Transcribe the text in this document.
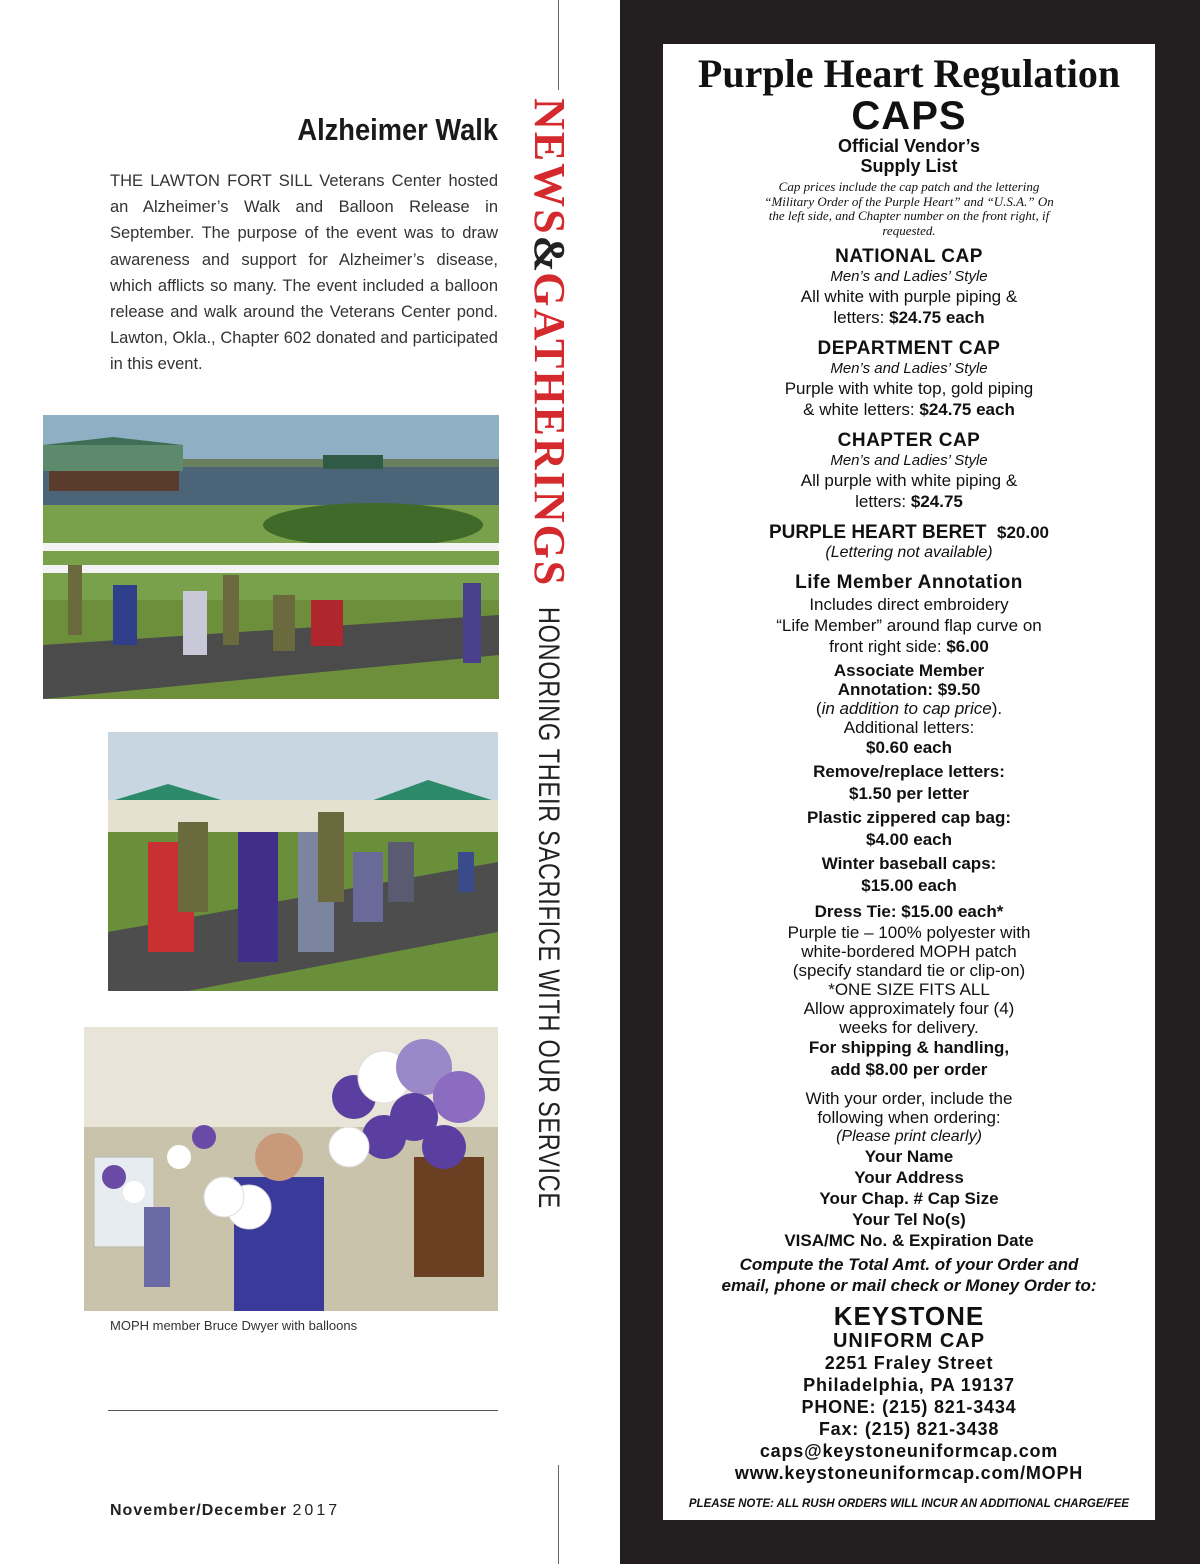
Alzheimer Walk

THE LAWTON FORT SILL Veterans Center hosted an Alzheimer’s Walk and Balloon Release in September. The purpose of the event was to draw awareness and support for Alzheimer’s disease, which afflicts so many. The event included a balloon release and walk around the Veterans Center pond. Lawton, Okla., Chapter 602 donated and participated in this event.

MOPH member Bruce Dwyer with balloons

November/December 2017

NEWS&GATHERINGSHONORING THEIR SACRIFICE WITH OUR SERVICE

Purple Heart Regulation

CAPS

Official Vendor’s

Supply List

Cap prices include the cap patch and the lettering “Military Order of the Purple Heart” and “U.S.A.” On the left side, and Chapter number on the front right, if requested.

NATIONAL CAP

Men’s and Ladies’ Style

All white with purple piping &

letters: $24.75 each

DEPARTMENT CAP

Men’s and Ladies’ Style

Purple with white top, gold piping

& white letters: $24.75 each

CHAPTER CAP

Men’s and Ladies’ Style

All purple with white piping &

letters: $24.75

PURPLE HEART BERET $20.00

(Lettering not available)

Life Member Annotation

Includes direct embroidery

“Life Member” around flap curve on

front right side: $6.00

Associate Member

Annotation: $9.50

(in addition to cap price).

Additional letters:

$0.60 each

Remove/replace letters:

$1.50 per letter

Plastic zippered cap bag:

$4.00 each

Winter baseball caps:

$15.00 each

Dress Tie: $15.00 each*

Purple tie – 100% polyester with

white-bordered MOPH patch

(specify standard tie or clip-on)

*ONE SIZE FITS ALL

Allow approximately four (4)

weeks for delivery.

For shipping & handling,

add $8.00 per order

With your order, include the

following when ordering:

(Please print clearly)

Your Name

Your Address

Your Chap. # Cap Size

Your Tel No(s)

VISA/MC No. & Expiration Date

Compute the Total Amt. of your Order and

email, phone or mail check or Money Order to:

KEYSTONE

UNIFORM CAP

2251 Fraley Street

Philadelphia, PA 19137

PHONE: (215) 821-3434

Fax: (215) 821-3438

caps@keystoneuniformcap.com

www.keystoneuniformcap.com/MOPH

PLEASE NOTE: ALL RUSH ORDERS WILL INCUR AN ADDITIONAL CHARGE/FEE
